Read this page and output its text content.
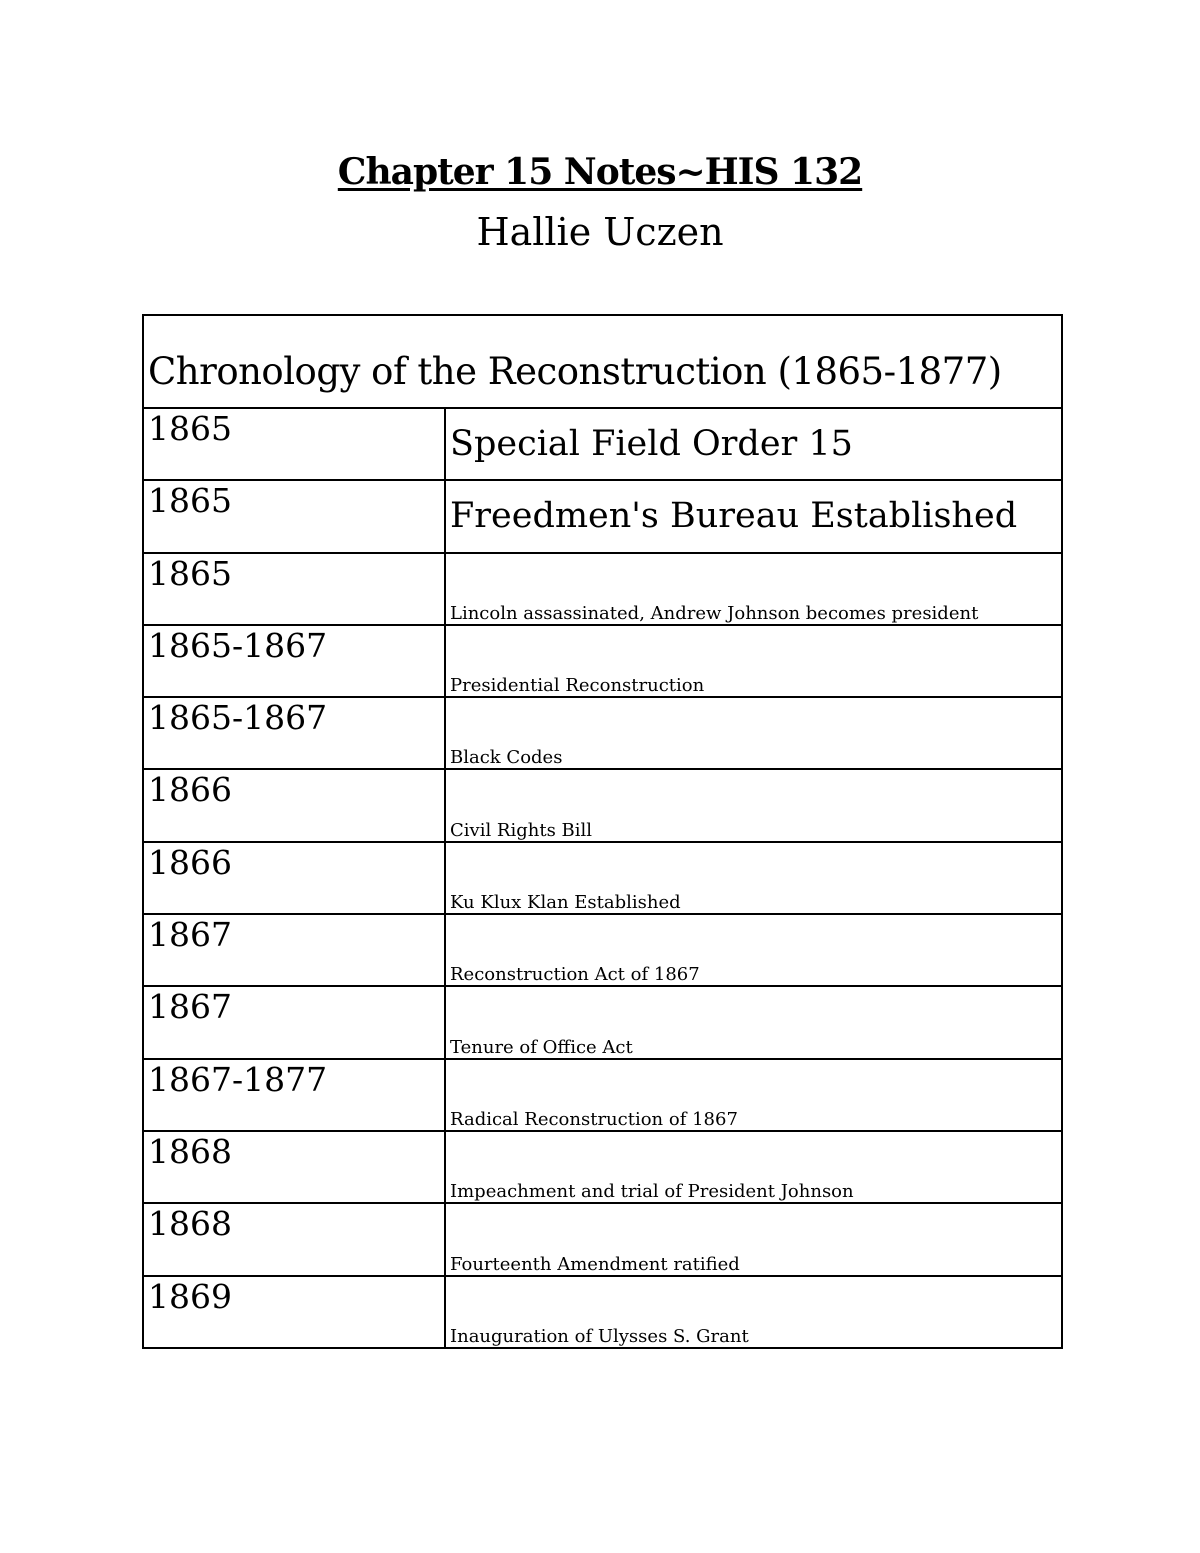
Chapter 15 Notes~HIS 132
Hallie Uczen
Chronology of the Reconstruction (1865-1877)	
1865	Special Field Order 15
1865	Freedmen's Bureau Established
1865	Lincoln assassinated, Andrew Johnson becomes president
1865-1867	Presidential Reconstruction
1865-1867	Black Codes
1866	Civil Rights Bill
1866	Ku Klux Klan Established
1867	Reconstruction Act of 1867
1867	Tenure of Office Act
1867-1877	Radical Reconstruction of 1867
1868	Impeachment and trial of President Johnson
1868	Fourteenth Amendment ratified
1869	Inauguration of Ulysses S. Grant
